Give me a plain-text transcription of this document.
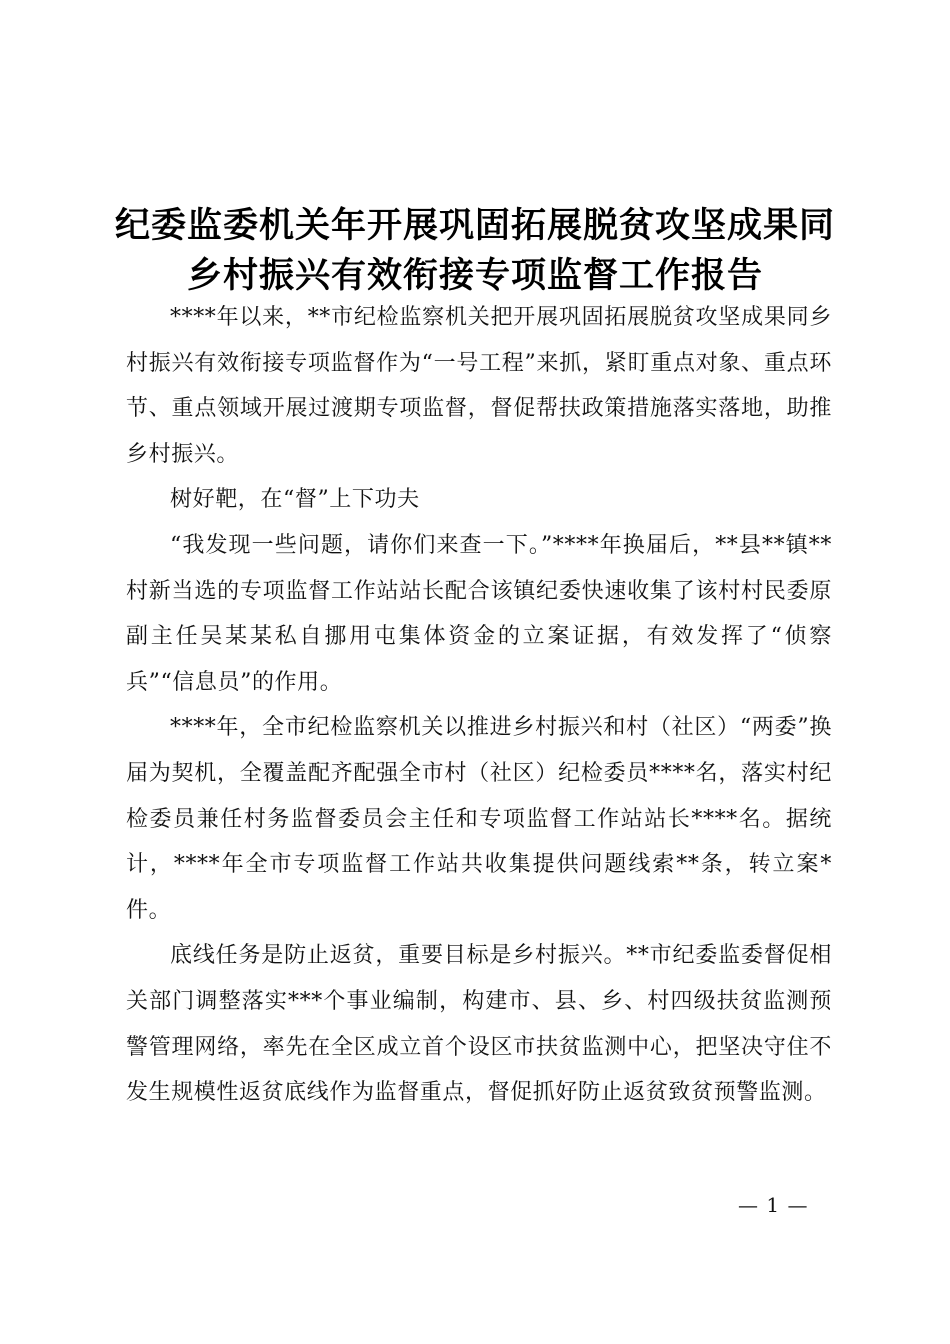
纪委监委机关年开展巩固拓展脱贫攻坚成果同
乡村振兴有效衔接专项监督工作报告

****年以来，**市纪检监察机关把开展巩固拓展脱贫攻坚成果同乡村振兴有效衔接专项监督作为“一号工程”来抓，紧盯重点对象、重点环节、重点领域开展过渡期专项监督，督促帮扶政策措施落实落地，助推乡村振兴。

树好靶，在“督”上下功夫

“我发现一些问题，请你们来查一下。”****年换届后，**县**镇**村新当选的专项监督工作站站长配合该镇纪委快速收集了该村村民委原副主任吴某某私自挪用屯集体资金的立案证据，有效发挥了“侦察兵”“信息员”的作用。

****年，全市纪检监察机关以推进乡村振兴和村（社区）“两委”换届为契机，全覆盖配齐配强全市村（社区）纪检委员****名，落实村纪检委员兼任村务监督委员会主任和专项监督工作站站长****名。据统计，****年全市专项监督工作站共收集提供问题线索**条，转立案*件。

底线任务是防止返贫，重要目标是乡村振兴。**市纪委监委督促相关部门调整落实***个事业编制，构建市、县、乡、村四级扶贫监测预警管理网络，率先在全区成立首个设区市扶贫监测中心，把坚决守住不发生规模性返贫底线作为监督重点，督促抓好防止返贫致贫预警监测。

— 1 —
